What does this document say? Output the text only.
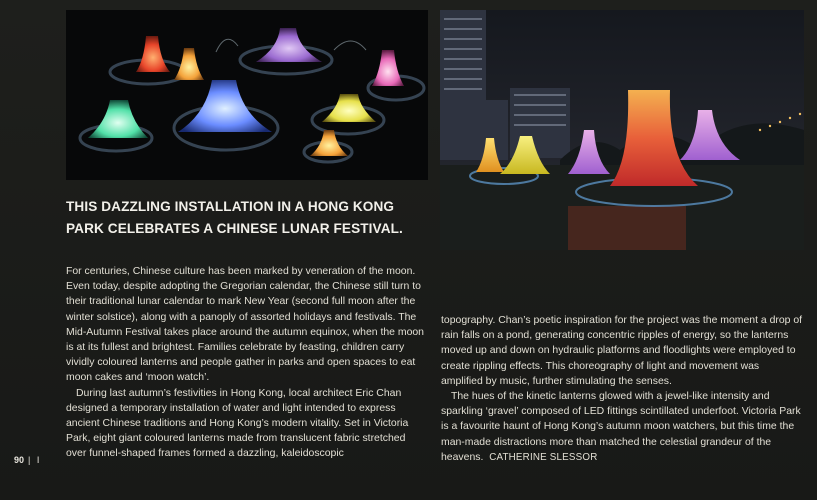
THIS DAZZLING INSTALLATION IN A HONG KONG PARK CELEBRATES A CHINESE LUNAR FESTIVAL.

For centuries, Chinese culture has been marked by veneration of the moon. Even today, despite adopting the Gregorian calendar, the Chinese still turn to their traditional lunar calendar to mark New Year (second full moon after the winter solstice), along with a panoply of assorted holidays and festivals. The Mid-Autumn Festival takes place around the autumn equinox, when the moon is at its fullest and brightest. Families celebrate by feasting, children carry vividly coloured lanterns and people gather in parks and open spaces to eat moon cakes and ‘moon watch’.

During last autumn’s festivities in Hong Kong, local architect Eric Chan designed a temporary installation of water and light intended to express ancient Chinese traditions and Hong Kong’s modern vitality. Set in Victoria Park, eight giant coloured lanterns made from translucent fabric stretched over funnel-shaped frames formed a dazzling, kaleidoscopic

topography. Chan’s poetic inspiration for the project was the moment a drop of rain falls on a pond, generating concentric ripples of energy, so the lanterns moved up and down on hydraulic platforms and floodlights were employed to create rippling effects. This choreography of light and movement was amplified by music, further stimulating the senses.

The hues of the kinetic lanterns glowed with a jewel-like intensity and sparkling ‘gravel’ composed of LED fittings scintillated underfoot. Victoria Park is a favourite haunt of Hong Kong’s autumn moon watchers, but this time the man-made distractions more than matched the celestial grandeur of the heavens. CATHERINE SLESSOR

90 | I
